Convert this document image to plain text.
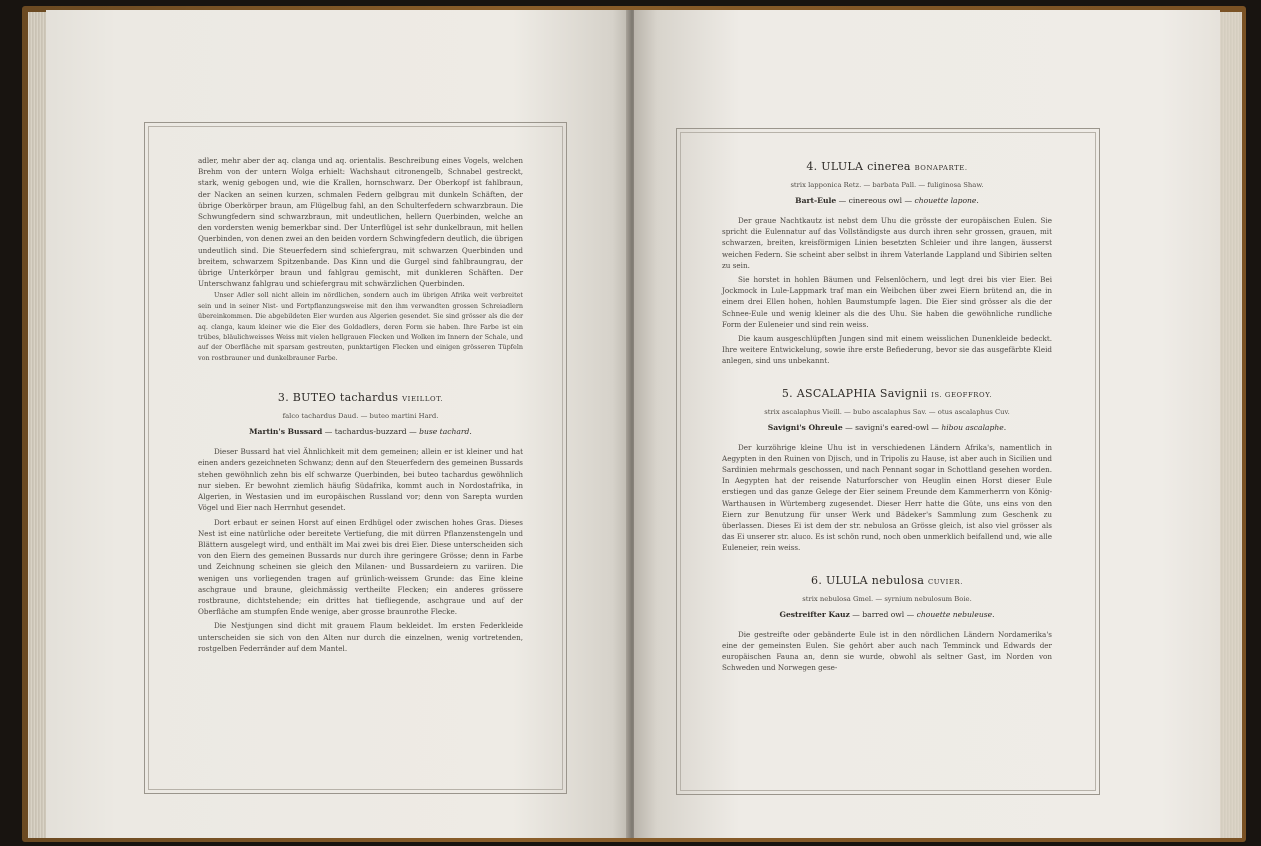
adler, mehr aber der aq. clanga und aq. orientalis. Beschreibung eines Vogels, welchen Brehm von der untern Wolga erhielt: Wachshaut citronengelb, Schnabel gestreckt, stark, wenig gebogen und, wie die Krallen, hornschwarz. Der Oberkopf ist fahlbraun, der Nacken an seinen kurzen, schmalen Federn gelbgrau mit dunkeln Schäften, der übrige Oberkörper braun, am Flügelbug fahl, an den Schulterfedern schwarzbraun. Die Schwungfedern sind schwarzbraun, mit undeutlichen, hellern Querbinden, welche an den vordersten wenig bemerkbar sind. Der Unterflügel ist sehr dunkelbraun, mit hellen Querbinden, von denen zwei an den beiden vordern Schwingfedern deutlich, die übrigen undeutlich sind. Die Steuerfedern sind schiefergrau, mit schwarzen Querbinden und breitem, schwarzem Spitzenbande. Das Kinn und die Gurgel sind fahlbraungrau, der übrige Unterkörper braun und fahlgrau gemischt, mit dunkleren Schäften. Der Unterschwanz fahlgrau und schiefergrau mit schwärzlichen Querbinden.

Unser Adler soll nicht allein im nördlichen, sondern auch im übrigen Afrika weit verbreitet sein und in seiner Nist- und Fortpflanzungsweise mit den ihm verwandten grossen Schreiadlern übereinkommen. Die abgebildeten Eier wurden aus Algerien gesendet. Sie sind grösser als die der aq. clanga, kaum kleiner wie die Eier des Goldadlers, deren Form sie haben. Ihre Farbe ist ein trübes, bläulichweisses Weiss mit vielen hellgrauen Flecken und Wolken im Innern der Schale, und auf der Oberfläche mit sparsam gestreuten, punktartigen Flecken und einigen grösseren Tüpfeln von rostbrauner und dunkelbrauner Farbe.

3. BUTEO tachardus VIEILLOT.
falco tachardus Daud. — buteo martini Hard.
Martin's Bussard — tachardus-buzzard — buse tachard.

Dieser Bussard hat viel Ähnlichkeit mit dem gemeinen; allein er ist kleiner und hat einen anders gezeichneten Schwanz; denn auf den Steuerfedern des gemeinen Bussards stehen gewöhnlich zehn bis elf schwarze Querbinden, bei buteo tachardus gewöhnlich nur sieben. Er bewohnt ziemlich häufig Südafrika, kommt auch in Nordostafrika, in Algerien, in Westasien und im europäischen Russland vor; denn von Sarepta wurden Vögel und Eier nach Herrnhut gesendet.

Dort erbaut er seinen Horst auf einen Erdhügel oder zwischen hohes Gras. Dieses Nest ist eine natürliche oder bereitete Vertiefung, die mit dürren Pflanzenstengeln und Blättern ausgelegt wird, und enthält im Mai zwei bis drei Eier. Diese unterscheiden sich von den Eiern des gemeinen Bussards nur durch ihre geringere Grösse; denn in Farbe und Zeichnung scheinen sie gleich den Milanen- und Bussardeiern zu variiren. Die wenigen uns vorliegenden tragen auf grünlich-weissem Grunde: das Eine kleine aschgraue und braune, gleichmässig vertheilte Flecken; ein anderes grössere rostbraune, dichtstehende; ein drittes hat tiefliegende, aschgraue und auf der Oberfläche am stumpfen Ende wenige, aber grosse braunrothe Flecke.

Die Nestjungen sind dicht mit grauem Flaum bekleidet. Im ersten Federkleide unterscheiden sie sich von den Alten nur durch die einzelnen, wenig vortretenden, rostgelben Federränder auf dem Mantel.

4. ULULA cinerea BONAPARTE.
strix lapponica Retz. — barbata Pall. — fuliginosa Shaw.
Bart-Eule — cinereous owl — chouette lapone.

Der graue Nachtkautz ist nebst dem Uhu die grösste der europäischen Eulen. Sie spricht die Eulennatur auf das Vollständigste aus durch ihren sehr grossen, grauen, mit schwarzen, breiten, kreisförmigen Linien besetzten Schleier und ihre langen, äusserst weichen Federn. Sie scheint aber selbst in ihrem Vaterlande Lappland und Sibirien selten zu sein.

Sie horstet in hohlen Bäumen und Felsenlöchern, und legt drei bis vier Eier. Bei Jockmock in Lule-Lappmark traf man ein Weibchen über zwei Eiern brütend an, die in einem drei Ellen hohen, hohlen Baumstumpfe lagen. Die Eier sind grösser als die der Schnee-Eule und wenig kleiner als die des Uhu. Sie haben die gewöhnliche rundliche Form der Euleneier und sind rein weiss.

Die kaum ausgeschlüpften Jungen sind mit einem weisslichen Dunenkleide bedeckt. Ihre weitere Entwickelung, sowie ihre erste Befiederung, bevor sie das ausgefärbte Kleid anlegen, sind uns unbekannt.

5. ASCALAPHIA Savignii IS. GEOFFROY.
strix ascalaphus Vieill. — bubo ascalaphus Sav. — otus ascalaphus Cuv.
Savigni's Ohreule — savigni's eared-owl — hibou ascalaphe.

Der kurzöhrige kleine Uhu ist in verschiedenen Ländern Afrika's, namentlich in Aegypten in den Ruinen von Djisch, und in Tripolis zu Hause, ist aber auch in Sicilien und Sardinien mehrmals geschossen, und nach Pennant sogar in Schottland gesehen worden. In Aegypten hat der reisende Naturforscher von Heuglin einen Horst dieser Eule erstiegen und das ganze Gelege der Eier seinem Freunde dem Kammerherrn von König-Warthausen in Würtemberg zugesendet. Dieser Herr hatte die Güte, uns eins von den Eiern zur Benutzung für unser Werk und Bädeker's Sammlung zum Geschenk zu überlassen. Dieses Ei ist dem der str. nebulosa an Grösse gleich, ist also viel grösser als das Ei unserer str. aluco. Es ist schön rund, noch oben unmerklich beifallend und, wie alle Euleneier, rein weiss.

6. ULULA nebulosa CUVIER.
strix nebulosa Gmel. — syrnium nebulosum Boie.
Gestreifter Kauz — barred owl — chouette nebuleuse.

Die gestreifte oder gebänderte Eule ist in den nördlichen Ländern Nordamerika's eine der gemeinsten Eulen. Sie gehört aber auch nach Temminck und Edwards der europäischen Fauna an, denn sie wurde, obwohl als seltner Gast, im Norden von Schweden und Norwegen gese-
